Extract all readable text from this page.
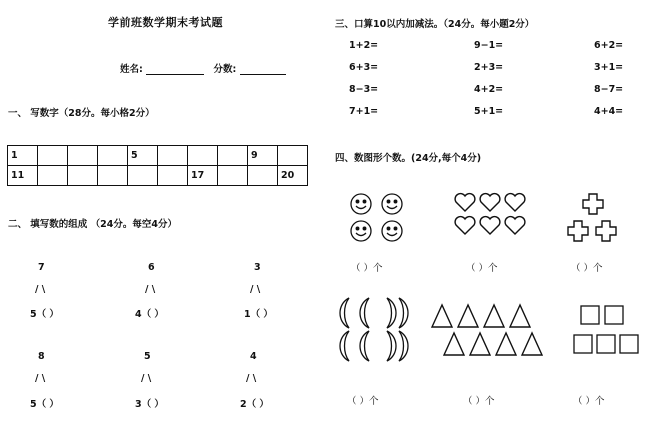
学前班数学期末考试题
姓名:	分数:
一、 写数字（28分。每小格2分）
1				5				9	
11						17			20
二、 填写数的组成 （24分。每空4分）
7
/ \
5（ ）
6
/ \
4（ ）
3
/ \
1（ ）
8
/ \
5（ ）
5
/ \
3（ ）
4
/ \
2（ ）
三、口算10以内加减法。（24分。每小题2分）
1+2=	9−1=	6+2=
6+3=	2+3=	3+1=
8−3=	4+2=	8−7=
7+1=	5+1=	4+4=
四、数图形个数。(24分,每个4分)
（ ）个	（ ）个	（ ）个
（ ）个	（ ）个	（ ）个
